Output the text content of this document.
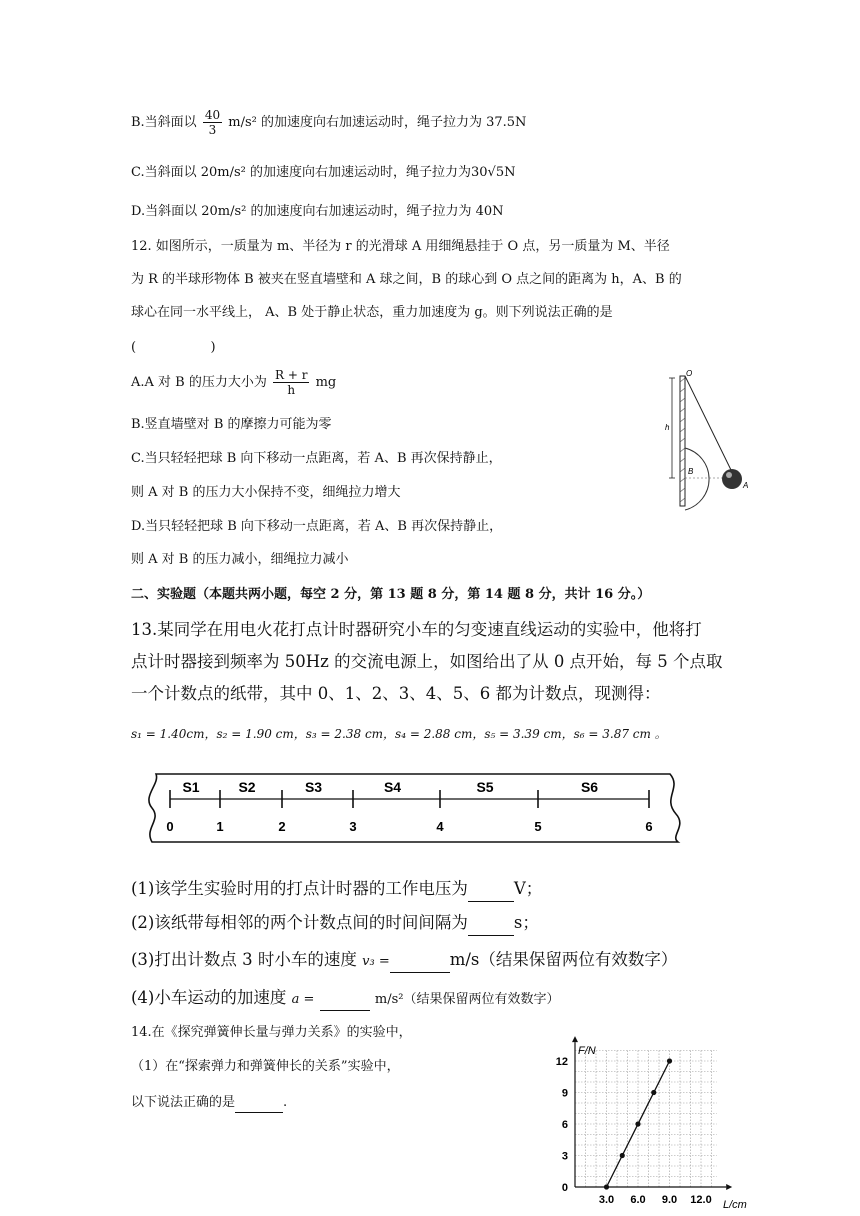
B.当斜面以 $\frac{40}{3} m/s^2$ 的加速度向右加速运动时，绳子拉力为 37.5N
C.当斜面以 20m/s² 的加速度向右加速运动时，绳子拉力为30√5N
D.当斜面以 20m/s² 的加速度向右加速运动时，绳子拉力为 40N
12. 如图所示，一质量为 m、半径为 r 的光滑球 A 用细绳悬挂于 O 点，另一质量为 M、半径
为 R 的半球形物体 B 被夹在竖直墙壁和 A 球之间，B 的球心到 O 点之间的距离为 h，A、B 的
球心在同一水平线上， A、B 处于静止状态，重力加速度为 g。则下列说法正确的是
(                  )
A.A 对 B 的压力大小为 $\frac{R + r}{h}$ mg
B.竖直墙壁对 B 的摩擦力可能为零
C.当只轻轻把球 B 向下移动一点距离，若 A、B 再次保持静止，
则 A 对 B 的压力大小保持不变，细绳拉力增大
D.当只轻轻把球 B 向下移动一点距离，若 A、B 再次保持静止，
则 A 对 B 的压力减小，细绳拉力减小
O
h
B
A
二、实验题（本题共两小题，每空 2 分，第 13 题 8 分，第 14 题 8 分，共计 16 分。）
13.某同学在用电火花打点计时器研究小车的匀变速直线运动的实验中，他将打
点计时器接到频率为 50Hz 的交流电源上，如图给出了从 0 点开始，每 5 个点取
一个计数点的纸带，其中 0、1、2、3、4、5、6 都为计数点，现测得：
s₁ = 1.40cm，s₂ = 1.90 cm，s₃ = 2.38 cm，s₄ = 2.88 cm，s₅ = 3.39 cm，s₆ = 3.87 cm 。
0	1	2	3	4	5	6
S1	S2	S3	S4	S5	S6
(1)该学生实验时用的打点计时器的工作电压为	V；
(2)该纸带每相邻的两个计数点间的时间间隔为	s；
(3)打出计数点 3 时小车的速度 v₃ =	m/s（结果保留两位有效数字）
(4)小车运动的加速度 a =	m/s²（结果保留两位有效数字）
14.在《探究弹簧伸长量与弹力关系》的实验中，
（1）在“探索弹力和弹簧伸长的关系”实验中，
以下说法正确的是	.
3.0 6.0 9.0 12.0
0
3
6
9
12
F/N
L/cm
